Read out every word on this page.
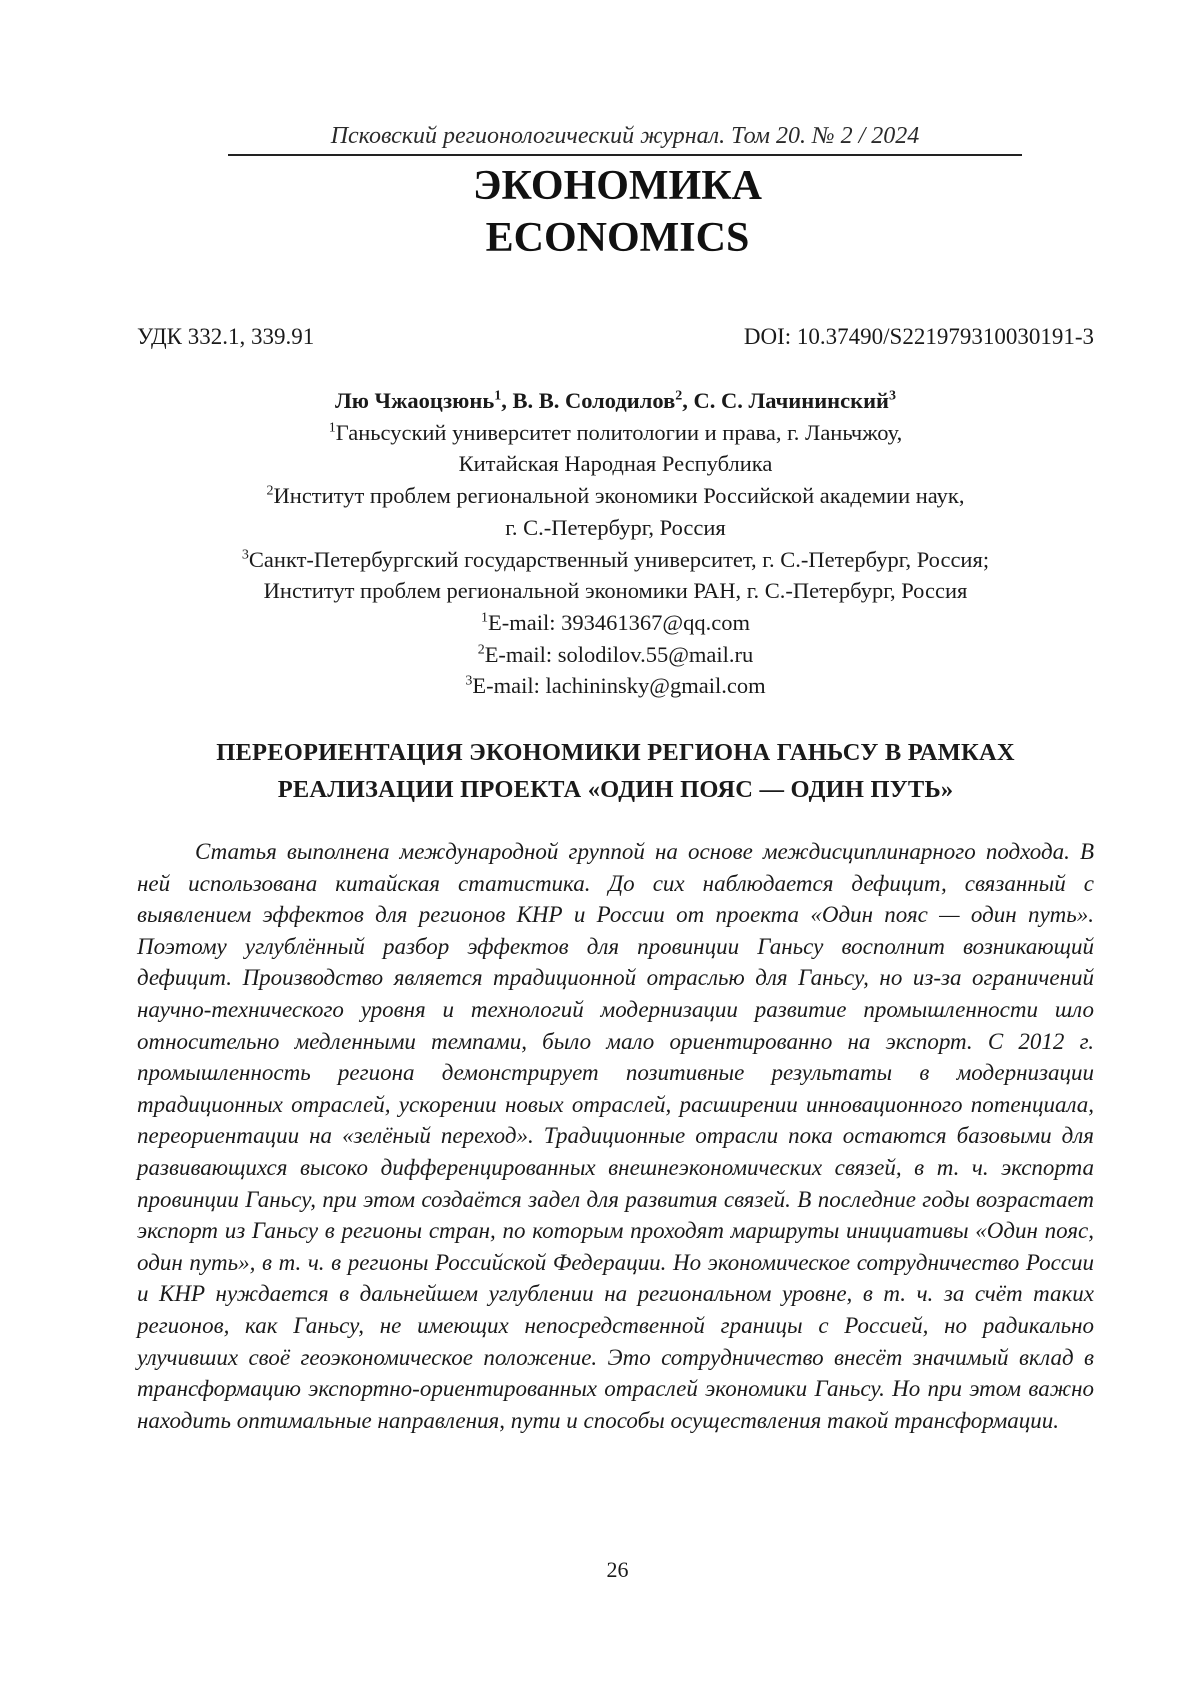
Псковский регионологический журнал. Том 20. № 2 / 2024
ЭКОНОМИКА
ECONOMICS
УДК 332.1, 339.91	DOI: 10.37490/S221979310030191-3
Лю Чжаоцзюнь1, В. В. Солодилов2, С. С. Лачининский3
1Ганьсуский университет политологии и права, г. Ланьчжоу,
Китайская Народная Республика
2Институт проблем региональной экономики Российской академии наук,
г. С.-Петербург, Россия
3Санкт-Петербургский государственный университет, г. С.-Петербург, Россия;
Институт проблем региональной экономики РАН, г. С.-Петербург, Россия
1E-mail: 393461367@qq.com
2E-mail: solodilov.55@mail.ru
3E-mail: lachininsky@gmail.com
ПЕРЕОРИЕНТАЦИЯ ЭКОНОМИКИ РЕГИОНА ГАНЬСУ В РАМКАХ
РЕАЛИЗАЦИИ ПРОЕКТА «ОДИН ПОЯС — ОДИН ПУТЬ»

Статья выполнена международной группой на основе междисциплинарного подхода. В ней использована китайская статистика. До сих наблюдается дефицит, связанный с выявлением эффектов для регионов КНР и России от проекта «Один пояс — один путь». Поэтому углублённый разбор эффектов для провинции Ганьсу восполнит возникающий дефицит. Производство является традиционной отраслью для Ганьсу, но из-за ограничений научно-технического уровня и технологий модер­низации развитие промышленности шло относительно медленными темпами, было мало ориентированно на экспорт. С 2012 г. промышленность региона демонстри­рует позитивные результаты в модернизации традиционных отраслей, ускорении новых отраслей, расширении инновационного потенциала, переориентации на «зе­лёный переход». Традиционные отрасли пока остаются базовыми для развиваю­щихся высоко дифференцированных внешнеэкономических связей, в т. ч. экспорта провинции Ганьсу, при этом создаётся задел для развития связей. В последние годы возрастает экспорт из Ганьсу в регионы стран, по которым проходят маршруты инициативы «Один пояс, один путь», в т. ч. в регионы Российской Федерации. Но экономическое сотрудничество России и КНР нуждается в дальнейшем углублении на региональном уровне, в т. ч. за счёт таких регионов, как Ганьсу, не имеющих не­посредственной границы с Россией, но радикально улучивших своё геоэкономическое положение. Это сотрудничество внесёт значимый вклад в трансформацию экспор­тно-ориентированных отраслей экономики Ганьсу. Но при этом важно находить оптимальные направления, пути и способы осуществления такой трансформации.

26
